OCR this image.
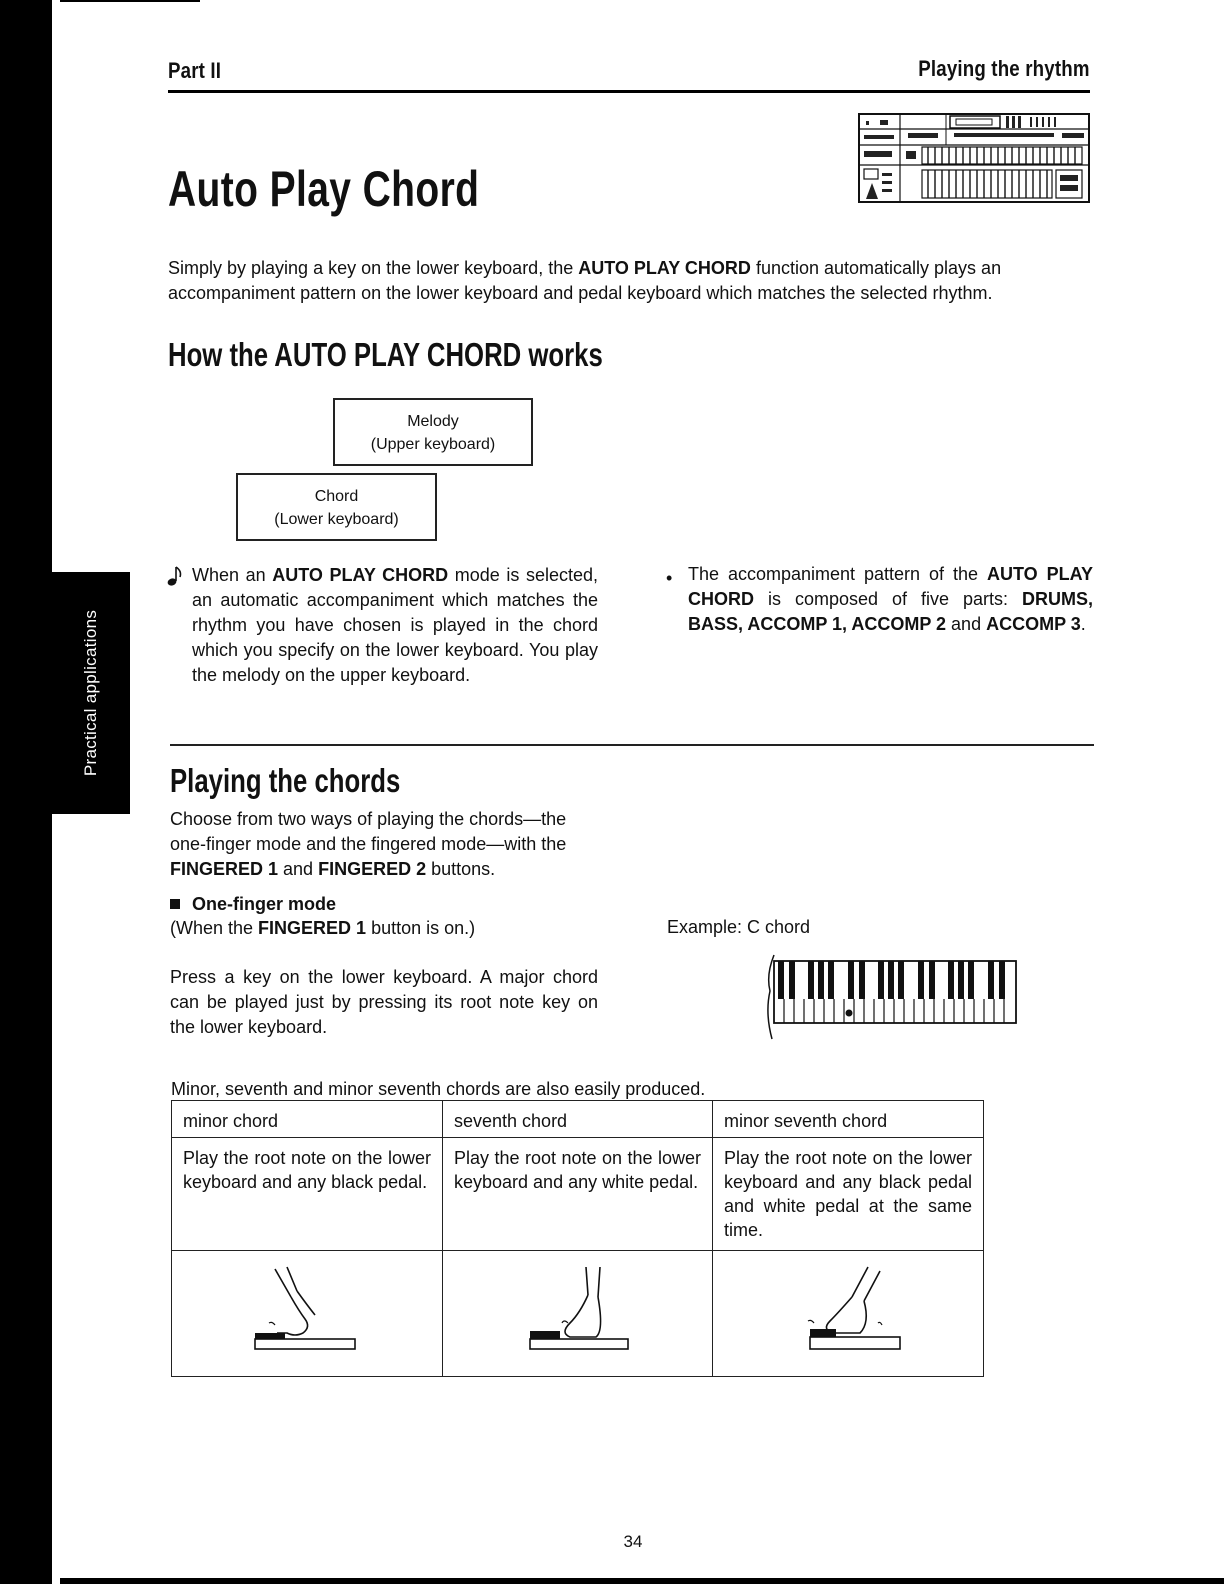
Practical applications
Part II	Playing the rhythm
Auto Play Chord
Simply by playing a key on the lower keyboard, the AUTO PLAY CHORD function automatically plays an accompaniment pattern on the lower keyboard and pedal keyboard which matches the selected rhythm.
How the AUTO PLAY CHORD works
Melody
(Upper keyboard)
Chord
(Lower keyboard)
When an AUTO PLAY CHORD mode is selected, an automatic accompaniment which matches the rhythm you have chosen is played in the chord which you specify on the lower keyboard. You play the melody on the upper keyboard.
• The accompaniment pattern of the AUTO PLAY CHORD is composed of five parts: DRUMS, BASS, ACCOMP 1, ACCOMP 2 and ACCOMP 3.
Playing the chords
Choose from two ways of playing the chords—the one-finger mode and the fingered mode—with the FINGERED 1 and FINGERED 2 buttons.
One-finger mode
(When the FINGERED 1 button is on.)
Press a key on the lower keyboard. A major chord can be played just by pressing its root note key on the lower keyboard.
Example: C chord
Minor, seventh and minor seventh chords are also easily produced.
minor chord	seventh chord	minor seventh chord
Play the root note on the lower keyboard and any black pedal.	Play the root note on the lower keyboard and any white pedal.	Play the root note on the lower keyboard and any black pedal and white pedal at the same time.

34
